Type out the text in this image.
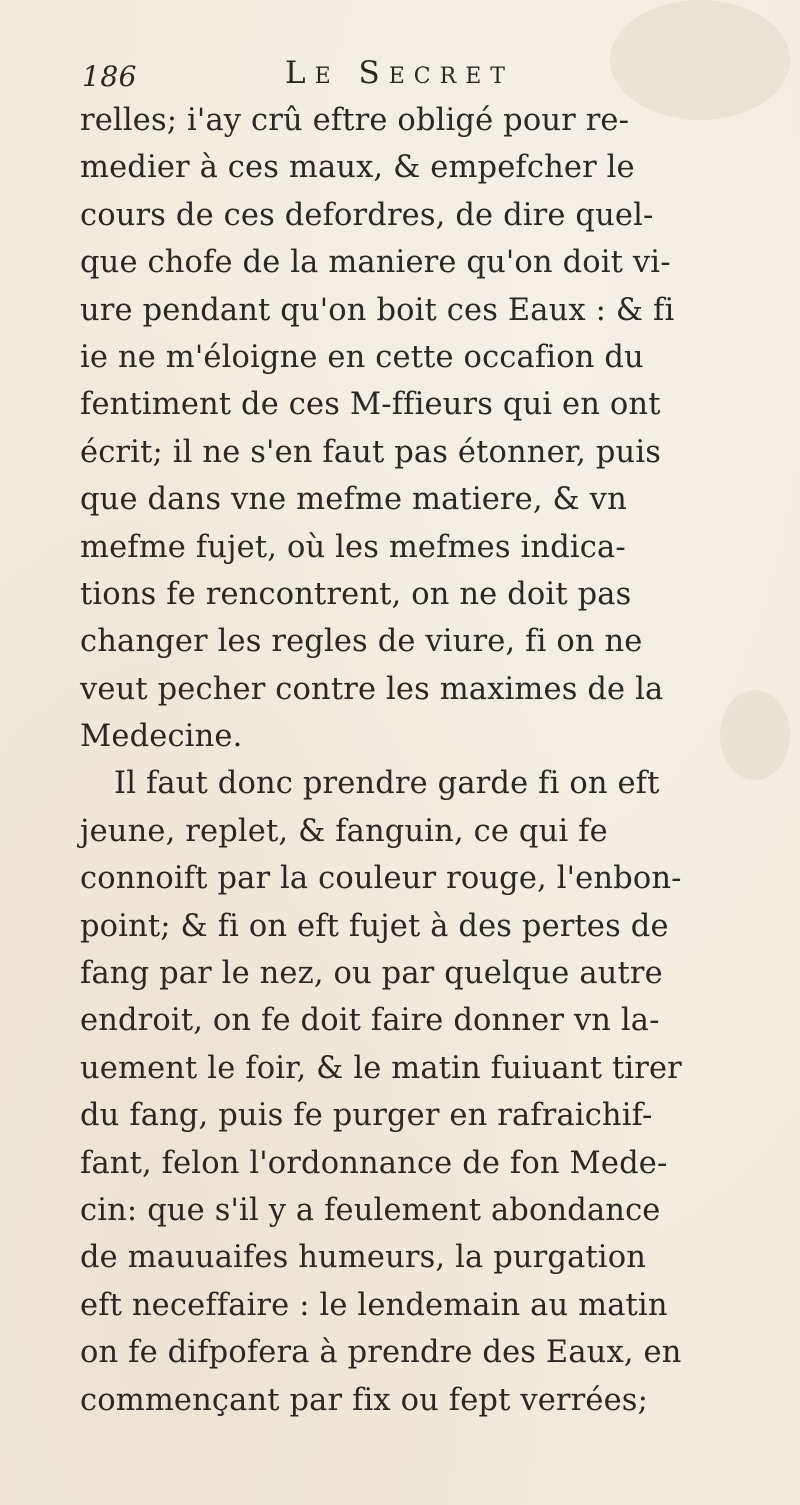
186	Le Secret
relles; i'ay crû eftre obligé pour re-
medier à ces maux, & empefcher le
cours de ces defordres, de dire quel-
que chofe de la maniere qu'on doit vi-
ure pendant qu'on boit ces Eaux : & fi
ie ne m'éloigne en cette occafion du
fentiment de ces M-ffieurs qui en ont
écrit; il ne s'en faut pas étonner, puis
que dans vne mefme matiere, & vn
mefme fujet, où les mefmes indica-
tions fe rencontrent, on ne doit pas
changer les regles de viure, fi on ne
veut pecher contre les maximes de la
Medecine.
Il faut donc prendre garde fi on eft
jeune, replet, & fanguin, ce qui fe
connoift par la couleur rouge, l'enbon-
point; & fi on eft fujet à des pertes de
fang par le nez, ou par quelque autre
endroit, on fe doit faire donner vn la-
uement le foir, & le matin fuiuant tirer
du fang, puis fe purger en rafraichif-
fant, felon l'ordonnance de fon Mede-
cin: que s'il y a feulement abondance
de mauuaifes humeurs, la purgation
eft neceffaire : le lendemain au matin
on fe difpofera à prendre des Eaux, en
commençant par fix ou fept verrées;
